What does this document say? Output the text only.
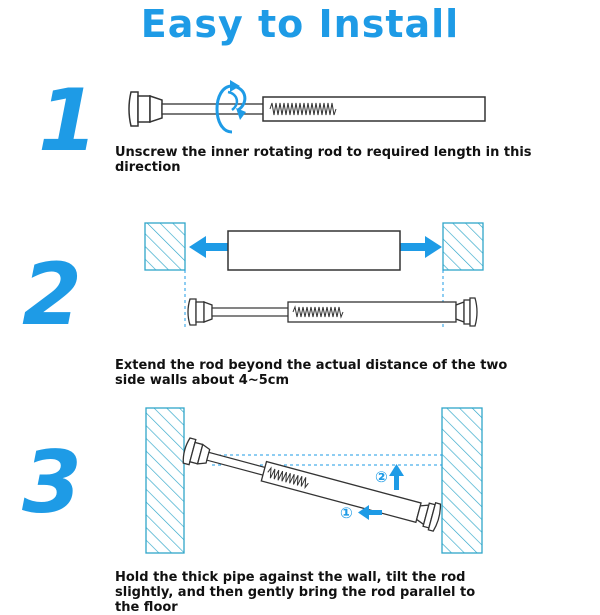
Easy to Install
1
2
3
Unscrew the inner rotating rod to required length in this direction
Extend the rod beyond the actual distance of the two side walls about 4~5cm
Hold the thick pipe against the wall, tilt the rod slightly, and then gently bring the rod parallel to the floor
②
①
